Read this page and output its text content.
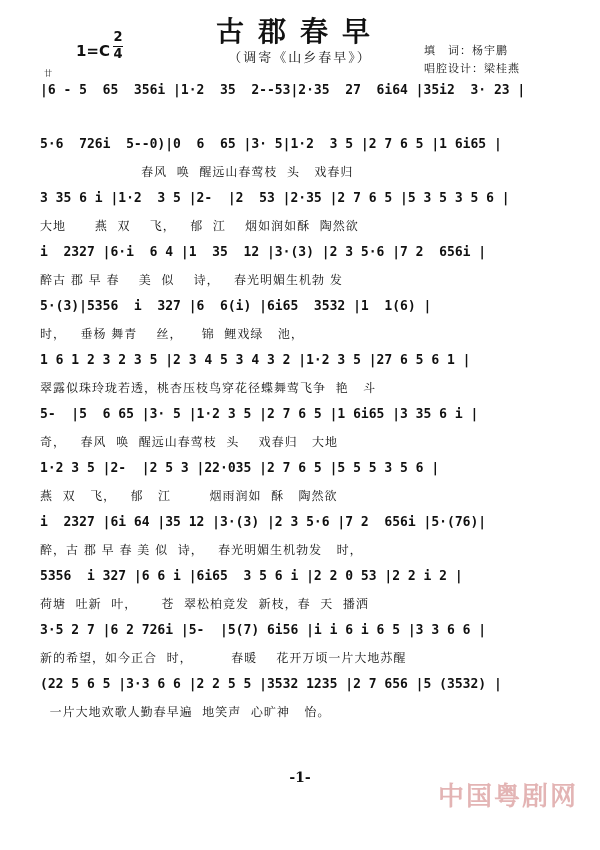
古郡春早
1=C
2
4	（调寄《山乡春早》）
填　词：杨宇鹏
唱腔设计：梁桂燕
廿
|6 - 5  65  356i |1·2  35  2--53|2·35  27  6i64 |35i2  3· 23 |
5·6  726i  5--0)|0  6  65 |3· 5|1·2  3 5 |2 7 6 5 |1 6i65 |
春风  唤  醒远山春莺枝  头   戏春归
3 35 6 i |1·2  3 5 |2-  |2  53 |2·35 |2 7 6 5 |5 3 5 3 5 6 |
大地      燕  双    飞，   郁  江    烟如润如酥  陶然欲
i  2327 |6·i  6 4 |1  35  12 |3·(3) |2 3 5·6 |7 2  656i |
醉古 郡 早 春    美  似    诗，   春光明媚生机勃 发
5·(3)|5356  i  327 |6  6(i) |6i65  3532 |1  1(6) |
时，   垂杨 舞青    丝，    锦  鲤戏绿   池，
1 6 1 2 3 2 3 5 |2 3 4 5 3 4 3 2 |1·2 3 5 |27 6 5 6 1 |
翠露似珠玲珑若透，桃杏压枝鸟穿花径蝶舞莺飞争  艳   斗
5-  |5  6 65 |3· 5 |1·2 3 5 |2 7 6 5 |1 6i65 |3 35 6 i |
奇，   春风  唤  醒远山春莺枝  头    戏春归   大地
1·2 3 5 |2-  |2 5 3 |22·035 |2 7 6 5 |5 5 5 3 5 6 |
燕  双   飞，   郁   江        烟雨润如  酥   陶然欲
i  2327 |6i 64 |35 12 |3·(3) |2 3 5·6 |7 2  656i |5·(76)|
醉，古 郡 早 春 美 似  诗，   春光明媚生机勃发   时，
5356  i 327 |6 6 i |6i65  3 5 6 i |2 2 0 53 |2 2 i 2 |
荷塘  吐新  叶，     苍  翠松柏竞发  新枝，春  天  播洒
3·5 2 7 |6 2 726i |5-  |5(7) 6i56 |i i 6 i 6 5 |3 3 6 6 |
新的希望，如今正合  时，        春暖    花开万顷一片大地苏醒
(22 5 6 5 |3·3 6 6 |2 2 5 5 |3532 1235 |2 7 656 |5 (3532) |
一片大地欢歌人勤春早遍  地笑声  心旷神   怡。
-1-
中国粤剧网
